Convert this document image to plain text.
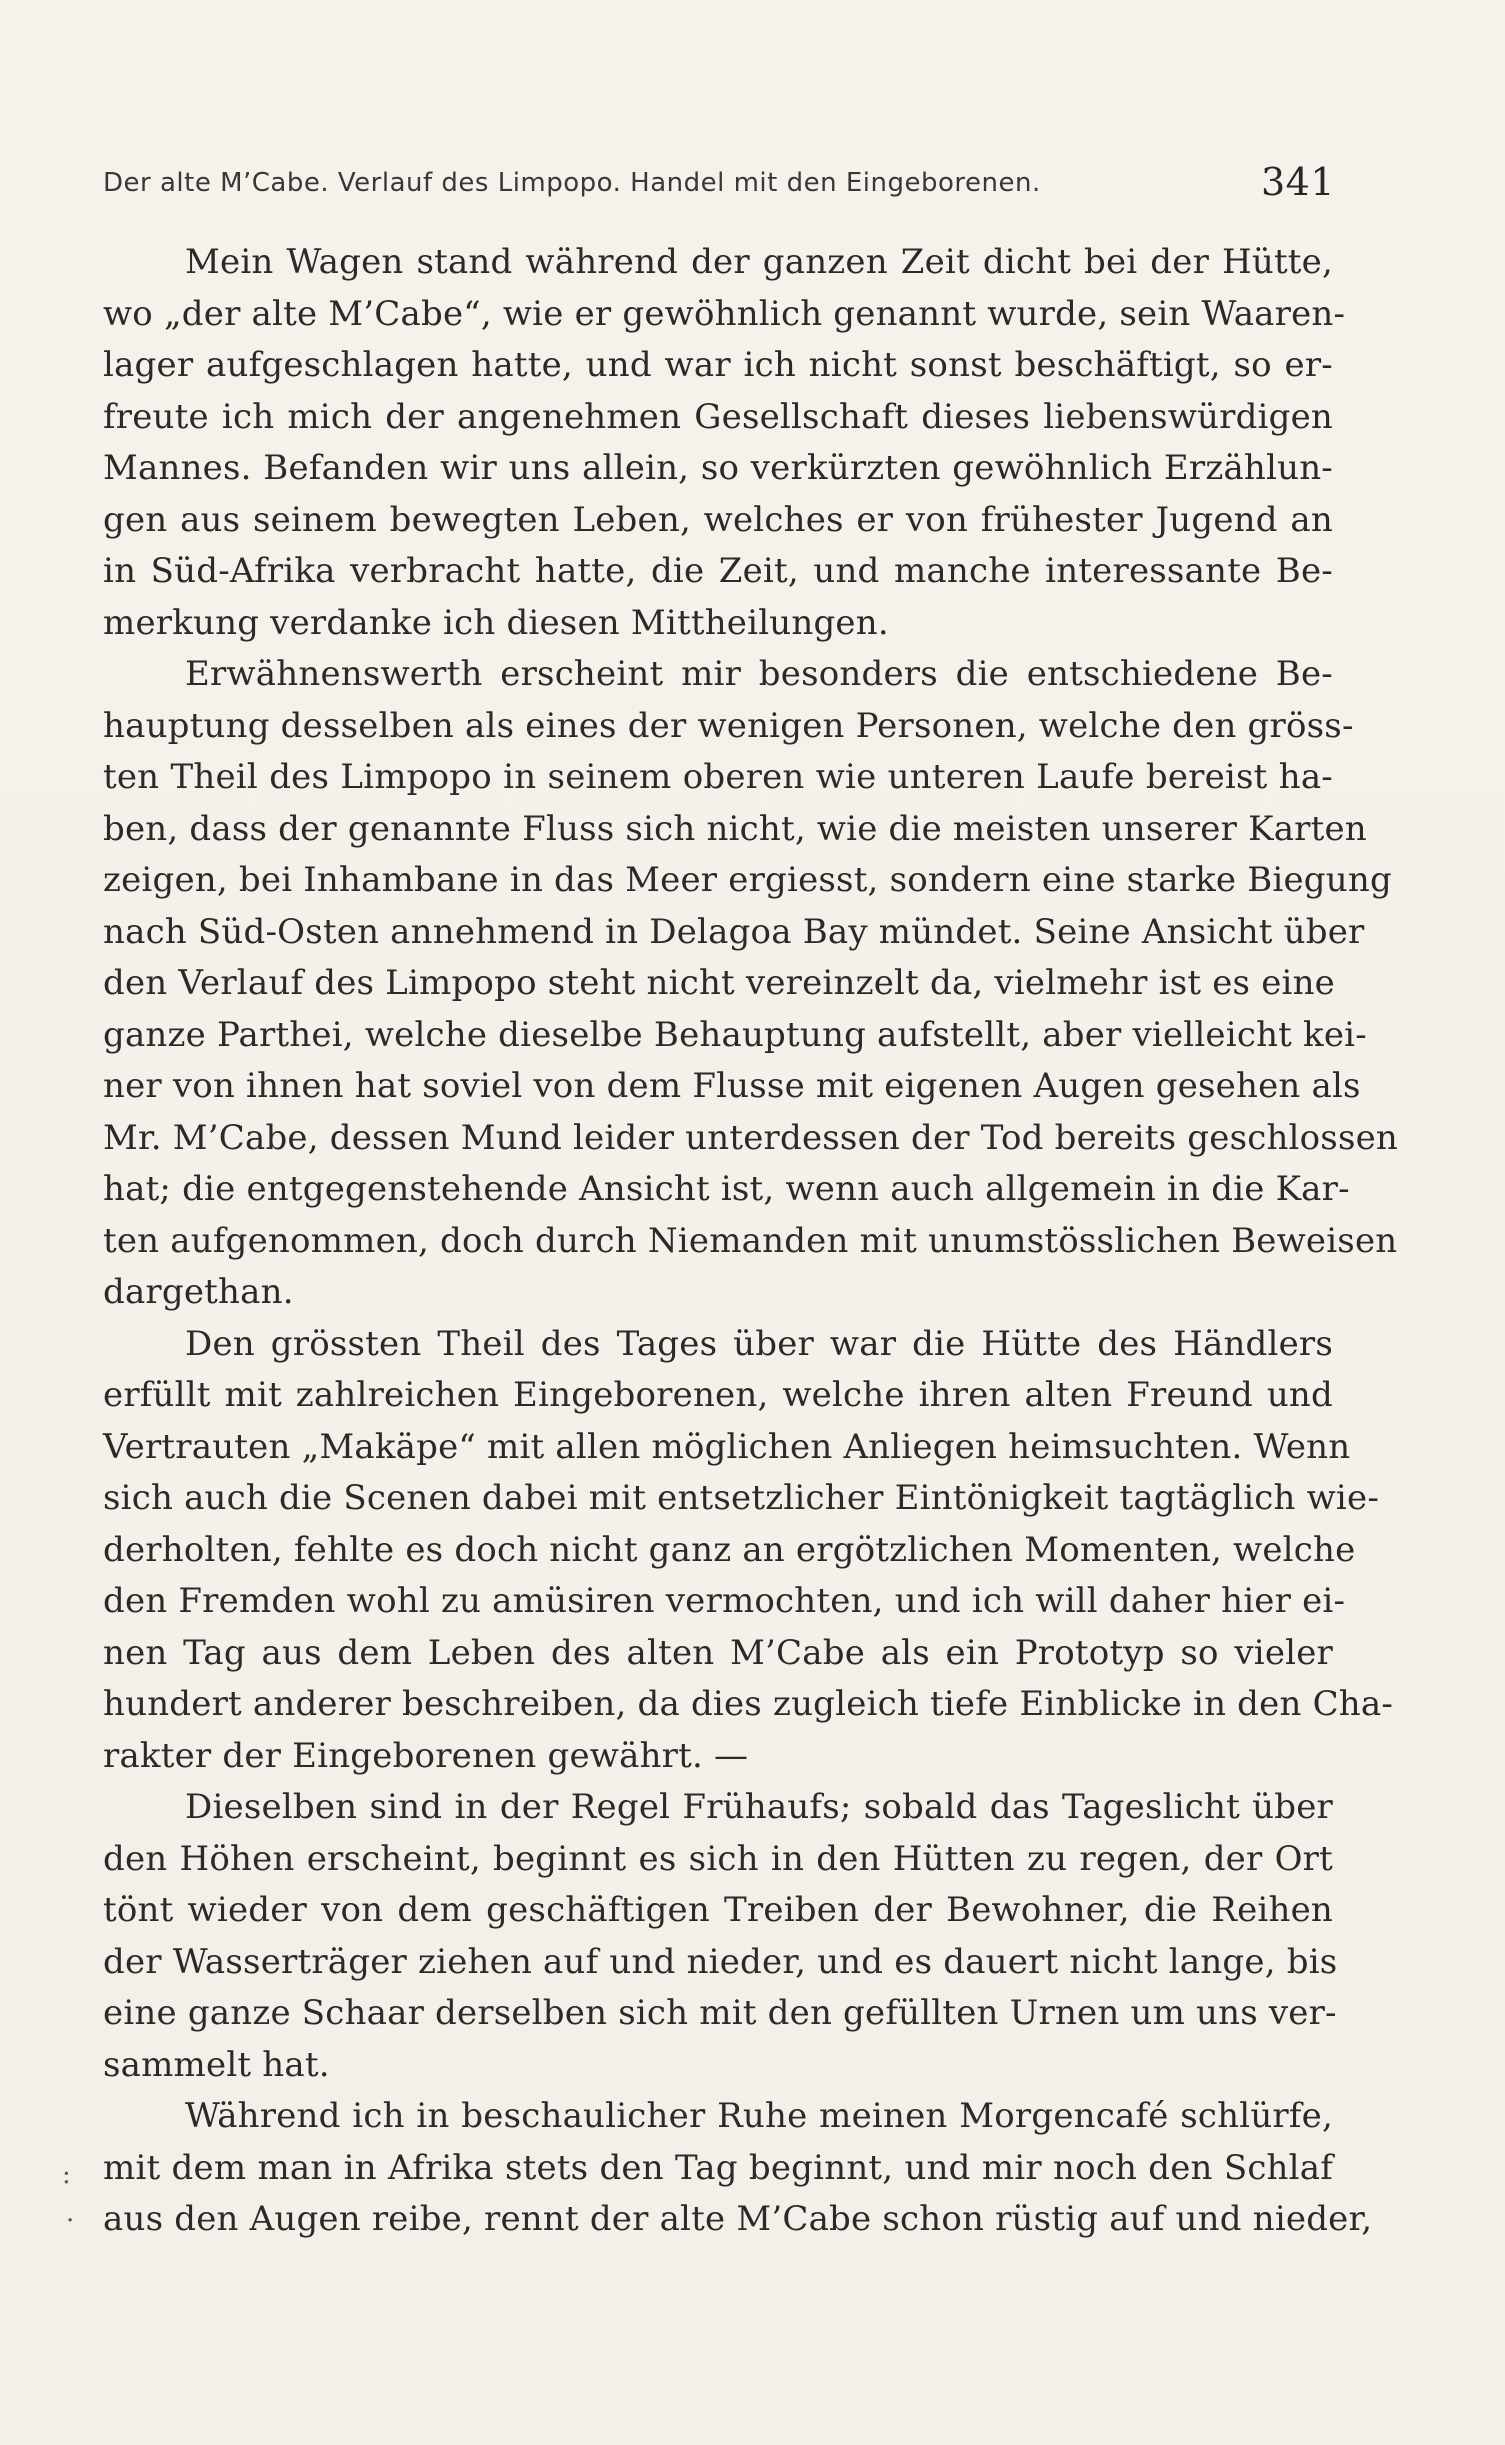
Der alte M’Cabe. Verlauf des Limpopo. Handel mit den Eingeborenen.	341
Mein Wagen stand während der ganzen Zeit dicht bei der Hütte,
wo „der alte M’Cabe“, wie er gewöhnlich genannt wurde, sein Waaren-
lager aufgeschlagen hatte, und war ich nicht sonst beschäftigt, so er-
freute ich mich der angenehmen Gesellschaft dieses liebenswürdigen
Mannes. Befanden wir uns allein, so verkürzten gewöhnlich Erzählun-
gen aus seinem bewegten Leben, welches er von frühester Jugend an
in Süd-Afrika verbracht hatte, die Zeit, und manche interessante Be-
merkung verdanke ich diesen Mittheilungen.
Erwähnenswerth erscheint mir besonders die entschiedene Be-
hauptung desselben als eines der wenigen Personen, welche den gröss-
ten Theil des Limpopo in seinem oberen wie unteren Laufe bereist ha-
ben, dass der genannte Fluss sich nicht, wie die meisten unserer Karten
zeigen, bei Inhambane in das Meer ergiesst, sondern eine starke Biegung
nach Süd-Osten annehmend in Delagoa Bay mündet. Seine Ansicht über
den Verlauf des Limpopo steht nicht vereinzelt da, vielmehr ist es eine
ganze Parthei, welche dieselbe Behauptung aufstellt, aber vielleicht kei-
ner von ihnen hat soviel von dem Flusse mit eigenen Augen gesehen als
Mr. M’Cabe, dessen Mund leider unterdessen der Tod bereits geschlossen
hat; die entgegenstehende Ansicht ist, wenn auch allgemein in die Kar-
ten aufgenommen, doch durch Niemanden mit unumstösslichen Beweisen
dargethan.
Den grössten Theil des Tages über war die Hütte des Händlers
erfüllt mit zahlreichen Eingeborenen, welche ihren alten Freund und
Vertrauten „Makäpe“ mit allen möglichen Anliegen heimsuchten. Wenn
sich auch die Scenen dabei mit entsetzlicher Eintönigkeit tagtäglich wie-
derholten, fehlte es doch nicht ganz an ergötzlichen Momenten, welche
den Fremden wohl zu amüsiren vermochten, und ich will daher hier ei-
nen Tag aus dem Leben des alten M’Cabe als ein Prototyp so vieler
hundert anderer beschreiben, da dies zugleich tiefe Einblicke in den Cha-
rakter der Eingeborenen gewährt. —
Dieselben sind in der Regel Frühaufs; sobald das Tageslicht über
den Höhen erscheint, beginnt es sich in den Hütten zu regen, der Ort
tönt wieder von dem geschäftigen Treiben der Bewohner, die Reihen
der Wasserträger ziehen auf und nieder, und es dauert nicht lange, bis
eine ganze Schaar derselben sich mit den gefüllten Urnen um uns ver-
sammelt hat.
Während ich in beschaulicher Ruhe meinen Morgencafé schlürfe,
mit dem man in Afrika stets den Tag beginnt, und mir noch den Schlaf
aus den Augen reibe, rennt der alte M’Cabe schon rüstig auf und nieder,
:
·
